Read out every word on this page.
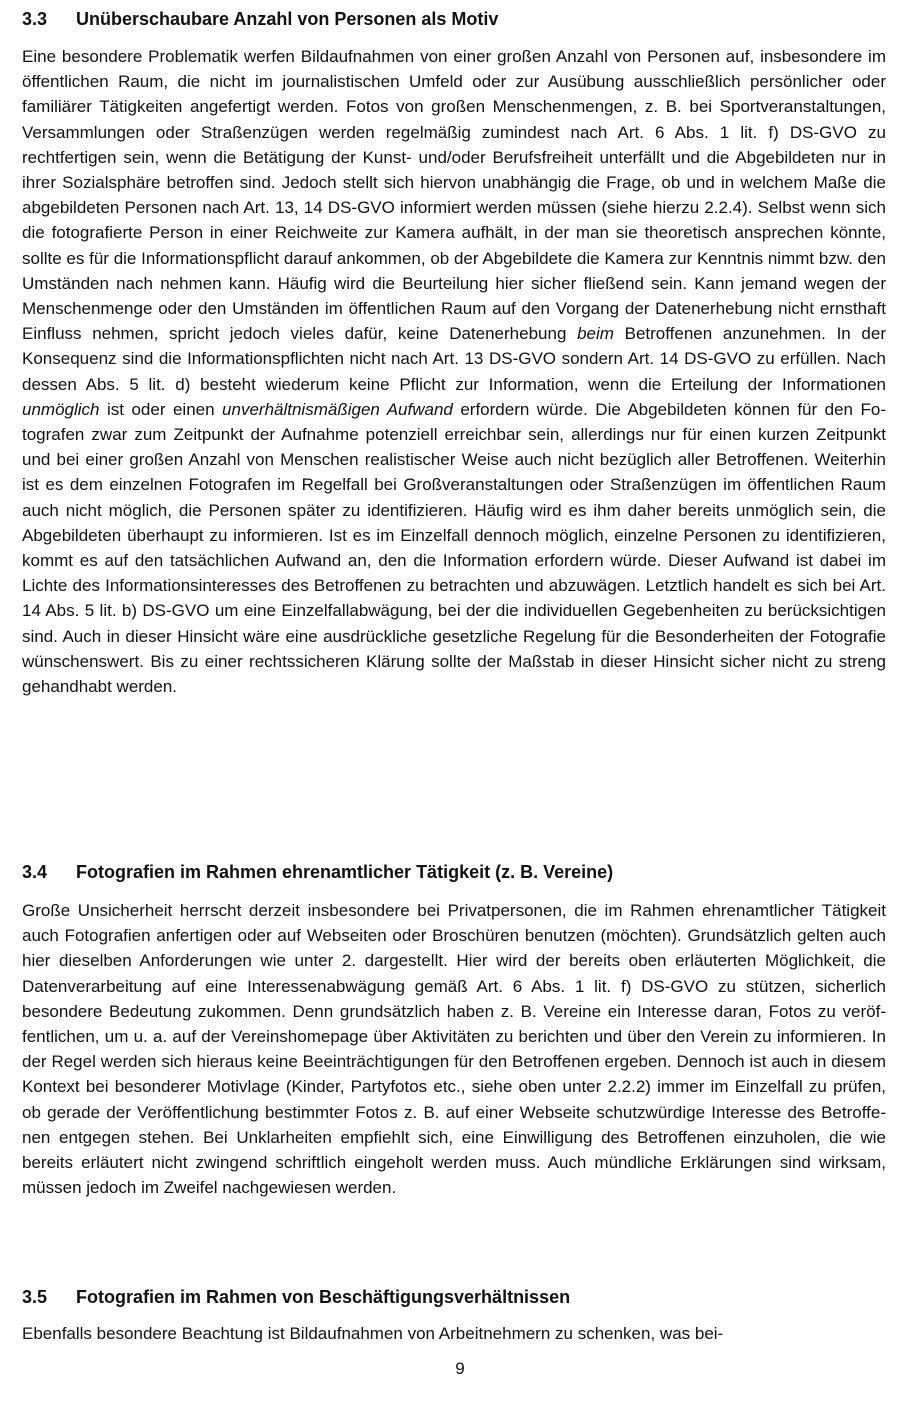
3.3 Unüberschaubare Anzahl von Personen als Motiv

Eine besondere Problematik werfen Bildaufnahmen von einer großen Anzahl von Personen auf, insbesondere im öffentlichen Raum, die nicht im journalistischen Umfeld oder zur Ausübung ausschließlich persönlicher oder familiärer Tätigkeiten angefertigt werden. Fotos von großen Menschenmengen, z. B. bei Sportveranstaltungen, Versammlungen oder Straßenzügen werden regelmäßig zumindest nach Art. 6 Abs. 1 lit. f) DS-GVO zu rechtfertigen sein, wenn die Betätigung der Kunst- und/oder Berufsfreiheit unterfällt und die Abgebildeten nur in ihrer Sozialsphäre betroffen sind. Jedoch stellt sich hiervon unabhängig die Frage, ob und in welchem Maße die abgebildeten Personen nach Art. 13, 14 DS-GVO informiert werden müssen (siehe hierzu 2.2.4). Selbst wenn sich die fotografierte Person in einer Reichweite zur Kamera aufhält, in der man sie theoretisch ansprechen könnte, sollte es für die Informationspflicht darauf ankommen, ob der Abgebildete die Kamera zur Kenntnis nimmt bzw. den Umständen nach nehmen kann. Häufig wird die Beurteilung hier sicher fließend sein. Kann jemand wegen der Menschenmenge oder den Umständen im öffentlichen Raum auf den Vorgang der Datenerhebung nicht ernsthaft Einfluss nehmen, spricht jedoch vieles dafür, keine Datenerhebung beim Betroffenen anzunehmen. In der Konsequenz sind die Informationspflichten nicht nach Art. 13 DS-GVO sondern Art. 14 DS-GVO zu erfüllen. Nach dessen Abs. 5 lit. d) besteht wiederum keine Pflicht zur Information, wenn die Erteilung der Informationen unmöglich ist oder einen unverhältnismäßigen Aufwand erfordern würde. Die Abgebildeten können für den Fotografen zwar zum Zeitpunkt der Aufnahme potenziell erreichbar sein, allerdings nur für einen kurzen Zeitpunkt und bei einer großen Anzahl von Menschen realistischer Weise auch nicht bezüglich aller Betroffenen. Weiterhin ist es dem einzelnen Fotografen im Regelfall bei Großveranstaltungen oder Straßenzügen im öffentlichen Raum auch nicht möglich, die Personen später zu identifizieren. Häufig wird es ihm daher bereits unmöglich sein, die Abgebildeten überhaupt zu informieren. Ist es im Einzelfall dennoch möglich, einzelne Personen zu identifizieren, kommt es auf den tatsächlichen Aufwand an, den die Information erfordern würde. Dieser Aufwand ist dabei im Lichte des Informationsinteresses des Betroffenen zu betrachten und abzuwägen. Letztlich handelt es sich bei Art. 14 Abs. 5 lit. b) DS-GVO um eine Einzelfallabwägung, bei der die individuellen Gegebenheiten zu berücksichtigen sind. Auch in dieser Hinsicht wäre eine ausdrückliche gesetzliche Regelung für die Besonderheiten der Fotografie wünschenswert. Bis zu einer rechtssicheren Klärung sollte der Maßstab in dieser Hinsicht sicher nicht zu streng gehandhabt werden.

3.4 Fotografien im Rahmen ehrenamtlicher Tätigkeit (z. B. Vereine)

Große Unsicherheit herrscht derzeit insbesondere bei Privatpersonen, die im Rahmen ehrenamtlicher Tätigkeit auch Fotografien anfertigen oder auf Webseiten oder Broschüren benutzen (möchten). Grundsätzlich gelten auch hier dieselben Anforderungen wie unter 2. dargestellt. Hier wird der bereits oben erläuterten Möglichkeit, die Datenverarbeitung auf eine Interessenabwägung gemäß Art. 6 Abs. 1 lit. f) DS-GVO zu stützen, sicherlich besondere Bedeutung zukommen. Denn grundsätzlich haben z. B. Vereine ein Interesse daran, Fotos zu veröffentlichen, um u. a. auf der Vereinshomepage über Aktivitäten zu berichten und über den Verein zu informieren. In der Regel werden sich hieraus keine Beeinträchtigungen für den Betroffenen ergeben. Dennoch ist auch in diesem Kontext bei besonderer Motivlage (Kinder, Partyfotos etc., siehe oben unter 2.2.2) immer im Einzelfall zu prüfen, ob gerade der Veröffentlichung bestimmter Fotos z. B. auf einer Webseite schutzwürdige Interesse des Betroffenen entgegen stehen. Bei Unklarheiten empfiehlt sich, eine Einwilligung des Betroffenen einzuholen, die wie bereits erläutert nicht zwingend schriftlich eingeholt werden muss. Auch mündliche Erklärungen sind wirksam, müssen jedoch im Zweifel nachgewiesen werden.

3.5 Fotografien im Rahmen von Beschäftigungsverhältnissen

Ebenfalls besondere Beachtung ist Bildaufnahmen von Arbeitnehmern zu schenken, was bei-

9
